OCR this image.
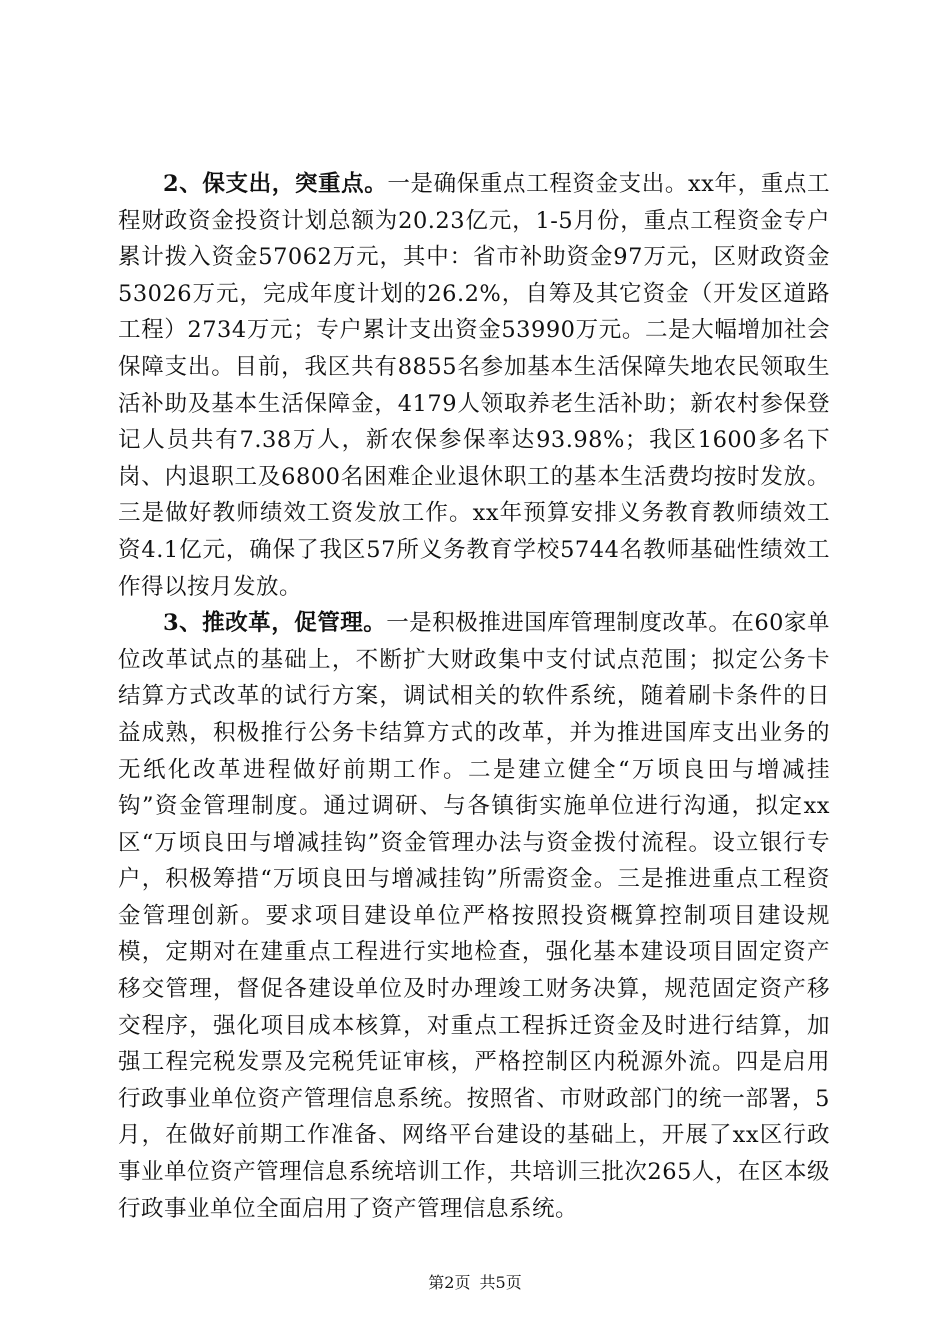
2、保支出，突重点。一是确保重点工程资金支出。xx年，重点工程财政资金投资计划总额为20.23亿元，1-5月份，重点工程资金专户累计拨入资金57062万元，其中：省市补助资金97万元，区财政资金53026万元，完成年度计划的26.2%，自筹及其它资金（开发区道路工程）2734万元；专户累计支出资金53990万元。二是大幅增加社会保障支出。目前，我区共有8855名参加基本生活保障失地农民领取生活补助及基本生活保障金，4179人领取养老生活补助；新农村参保登记人员共有7.38万人，新农保参保率达93.98%；我区1600多名下岗、内退职工及6800名困难企业退休职工的基本生活费均按时发放。三是做好教师绩效工资发放工作。xx年预算安排义务教育教师绩效工资4.1亿元，确保了我区57所义务教育学校5744名教师基础性绩效工作得以按月发放。

3、推改革，促管理。一是积极推进国库管理制度改革。在60家单位改革试点的基础上，不断扩大财政集中支付试点范围；拟定公务卡结算方式改革的试行方案，调试相关的软件系统，随着刷卡条件的日益成熟，积极推行公务卡结算方式的改革，并为推进国库支出业务的无纸化改革进程做好前期工作。二是建立健全“万顷良田与增减挂钩”资金管理制度。通过调研、与各镇街实施单位进行沟通，拟定xx区“万顷良田与增减挂钩”资金管理办法与资金拨付流程。设立银行专户，积极筹措“万顷良田与增减挂钩”所需资金。三是推进重点工程资金管理创新。要求项目建设单位严格按照投资概算控制项目建设规模，定期对在建重点工程进行实地检查，强化基本建设项目固定资产移交管理，督促各建设单位及时办理竣工财务决算，规范固定资产移交程序，强化项目成本核算，对重点工程拆迁资金及时进行结算，加强工程完税发票及完税凭证审核，严格控制区内税源外流。四是启用行政事业单位资产管理信息系统。按照省、市财政部门的统一部署，5月，在做好前期工作准备、网络平台建设的基础上，开展了xx区行政事业单位资产管理信息系统培训工作，共培训三批次265人，在区本级行政事业单位全面启用了资产管理信息系统。

第2页 共5页
